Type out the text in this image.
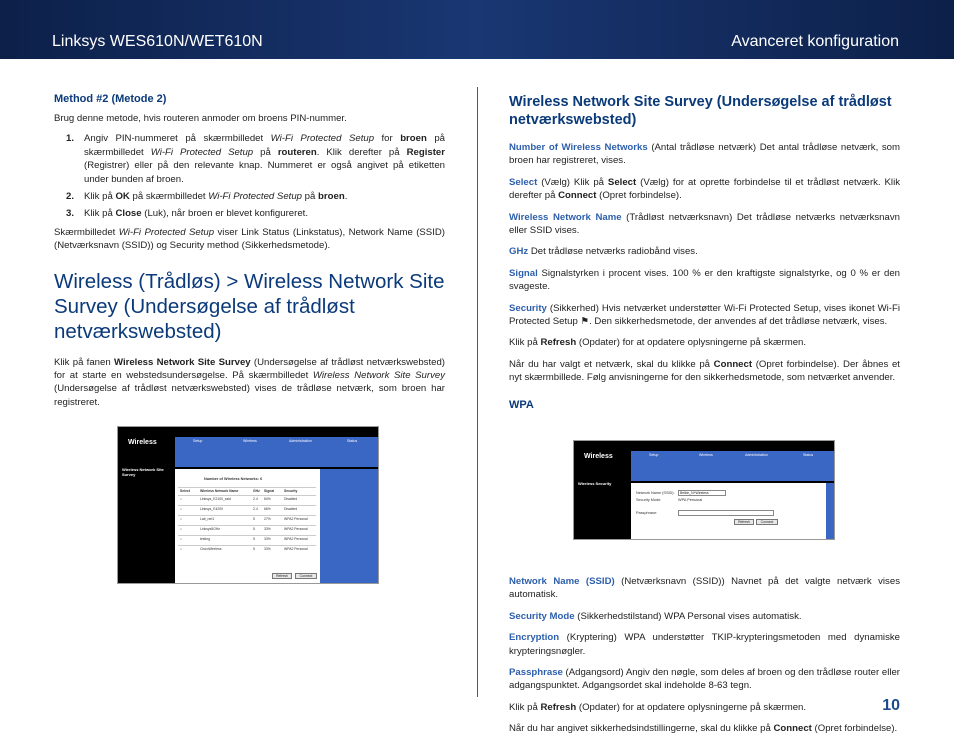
Linksys WES610N/WET610N	Avanceret konfiguration
Method #2 (Metode 2)
Brug denne metode, hvis routeren anmoder om broens PIN-nummer.
1.	Angiv PIN-nummeret på skærmbilledet Wi-Fi Protected Setup for broen på skærmbilledet Wi-Fi Protected Setup på routeren. Klik derefter på Register (Registrer) eller på den relevante knap. Nummeret er også angivet på etiketten under bunden af broen.
2.	Klik på OK på skærmbilledet Wi-Fi Protected Setup på broen.
3.	Klik på Close (Luk), når broen er blevet konfigureret.
Skærmbilledet Wi-Fi Protected Setup viser Link Status (Linkstatus), Network Name (SSID) (Netværksnavn (SSID)) og Security method (Sikkerhedsmetode).
Wireless (Trådløs) > Wireless Network Site Survey (Undersøgelse af trådløst netværkswebsted)
Klik på fanen Wireless Network Site Survey (Undersøgelse af trådløst netværkswebsted) for at starte en webstedsundersøgelse. På skærmbilledet Wireless Network Site Survey (Undersøgelse af trådløst netværkswebsted) vises de trådløse netværk, som broen har registreret.
Wireless	Setup	Wireless	Administration	Status
Wireless Network Site Survey
Number of Wireless Networks: 6
Select	Wireless Network Name	GHz Signal	Security
○	Linksys_E2100_ssid	2.4 84%	Disabled
○	Linksys_E4200	2.4 66%	Disabled
○	Lab_net1	5	27%	WPA2 Personal
○	Linksys5GHz	5	33%	WPA2 Personal
○	testing	5	33%	WPA2 Personal
○	CiscoWireless	5	33%	WPA2 Personal
Refresh	Connect
Wireless Network Site Survey (Undersøgelse af trådløst netværkswebsted)
Number of Wireless Networks (Antal trådløse netværk) Det antal trådløse netværk, som broen har registreret, vises.
Select (Vælg) Klik på Select (Vælg) for at oprette forbindelse til et trådløst netværk. Klik derefter på Connect (Opret forbindelse).
Wireless Network Name (Trådløst netværksnavn) Det trådløse netværks netværksnavn eller SSID vises.
GHz Det trådløse netværks radiobånd vises.
Signal Signalstyrken i procent vises. 100 % er den kraftigste signalstyrke, og 0 % er den svageste.
Security (Sikkerhed) Hvis netværket understøtter Wi-Fi Protected Setup, vises ikonet Wi-Fi Protected Setup ⚑. Den sikkerhedsmetode, der anvendes af det trådløse netværk, vises.
Klik på Refresh (Opdater) for at opdatere oplysningerne på skærmen.
Når du har valgt et netværk, skal du klikke på Connect (Opret forbindelse). Der åbnes et nyt skærmbillede. Følg anvisningerne for den sikkerhedsmetode, som netværket anvender.
WPA
Network Name (SSID) (Netværksnavn (SSID)) Navnet på det valgte netværk vises automatisk.
Security Mode (Sikkerhedstilstand) WPA Personal vises automatisk.
Encryption (Kryptering) WPA understøtter TKIP-krypteringsmetoden med dynamiske krypteringsnøgler.
Passphrase (Adgangsord) Angiv den nøgle, som deles af broen og den trådløse router eller adgangspunktet. Adgangsordet skal indeholde 8-63 tegn.
Klik på Refresh (Opdater) for at opdatere oplysningerne på skærmen.
Når du har angivet sikkerhedsindstillingerne, skal du klikke på Connect (Opret forbindelse).
Wireless	Setup	Wireless	Administration	Status
Wireless Security
Network Name (SSID):	Belkin_N+Wireless
Security Mode:	WPA Personal
Passphrase:
Refresh	Connect
10
